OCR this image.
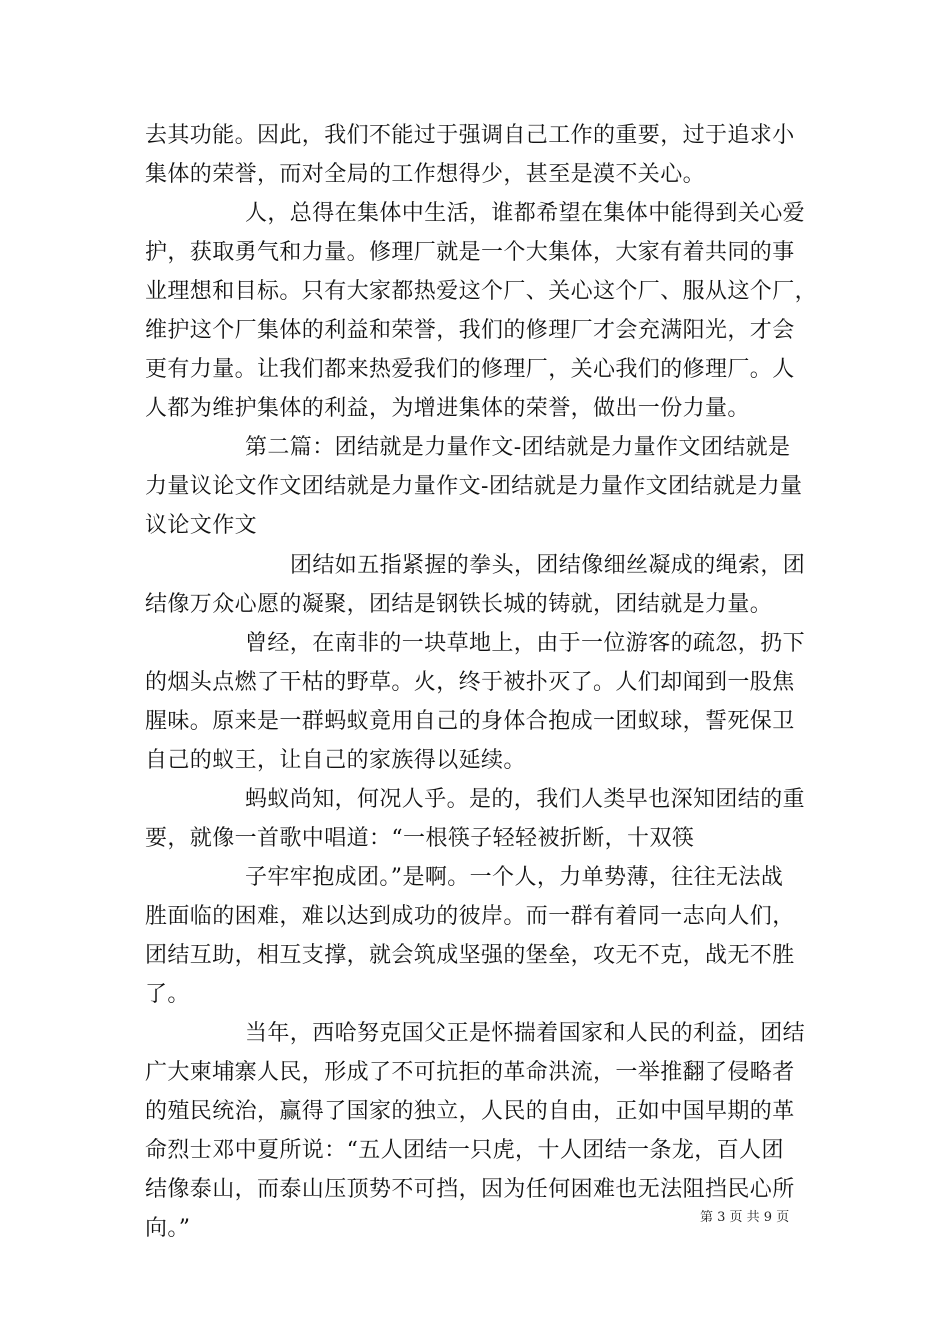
去其功能。因此，我们不能过于强调自己工作的重要，过于追求小
集体的荣誉，而对全局的工作想得少，甚至是漠不关心。
人，总得在集体中生活，谁都希望在集体中能得到关心爱
护，获取勇气和力量。修理厂就是一个大集体，大家有着共同的事
业理想和目标。只有大家都热爱这个厂、关心这个厂、服从这个厂，
维护这个厂集体的利益和荣誉，我们的修理厂才会充满阳光，才会
更有力量。让我们都来热爱我们的修理厂，关心我们的修理厂。人
人都为维护集体的利益，为增进集体的荣誉，做出一份力量。
第二篇：团结就是力量作文-团结就是力量作文团结就是
力量议论文作文团结就是力量作文-团结就是力量作文团结就是力量
议论文作文
团结如五指紧握的拳头，团结像细丝凝成的绳索，团
结像万众心愿的凝聚，团结是钢铁长城的铸就，团结就是力量。
曾经，在南非的一块草地上，由于一位游客的疏忽，扔下
的烟头点燃了干枯的野草。火，终于被扑灭了。人们却闻到一股焦
腥味。原来是一群蚂蚁竟用自己的身体合抱成一团蚁球，誓死保卫
自己的蚁王，让自己的家族得以延续。
蚂蚁尚知，何况人乎。是的，我们人类早也深知团结的重
要，就像一首歌中唱道：“一根筷子轻轻被折断，十双筷
子牢牢抱成团。”是啊。一个人，力单势薄，往往无法战
胜面临的困难，难以达到成功的彼岸。而一群有着同一志向人们，
团结互助，相互支撑，就会筑成坚强的堡垒，攻无不克，战无不胜
了。
当年，西哈努克国父正是怀揣着国家和人民的利益，团结
广大柬埔寨人民，形成了不可抗拒的革命洪流，一举推翻了侵略者
的殖民统治，赢得了国家的独立，人民的自由，正如中国早期的革
命烈士邓中夏所说：“五人团结一只虎，十人团结一条龙，百人团
结像泰山，而泰山压顶势不可挡，因为任何困难也无法阻挡民心所
向。”	第 3 页 共 9 页
